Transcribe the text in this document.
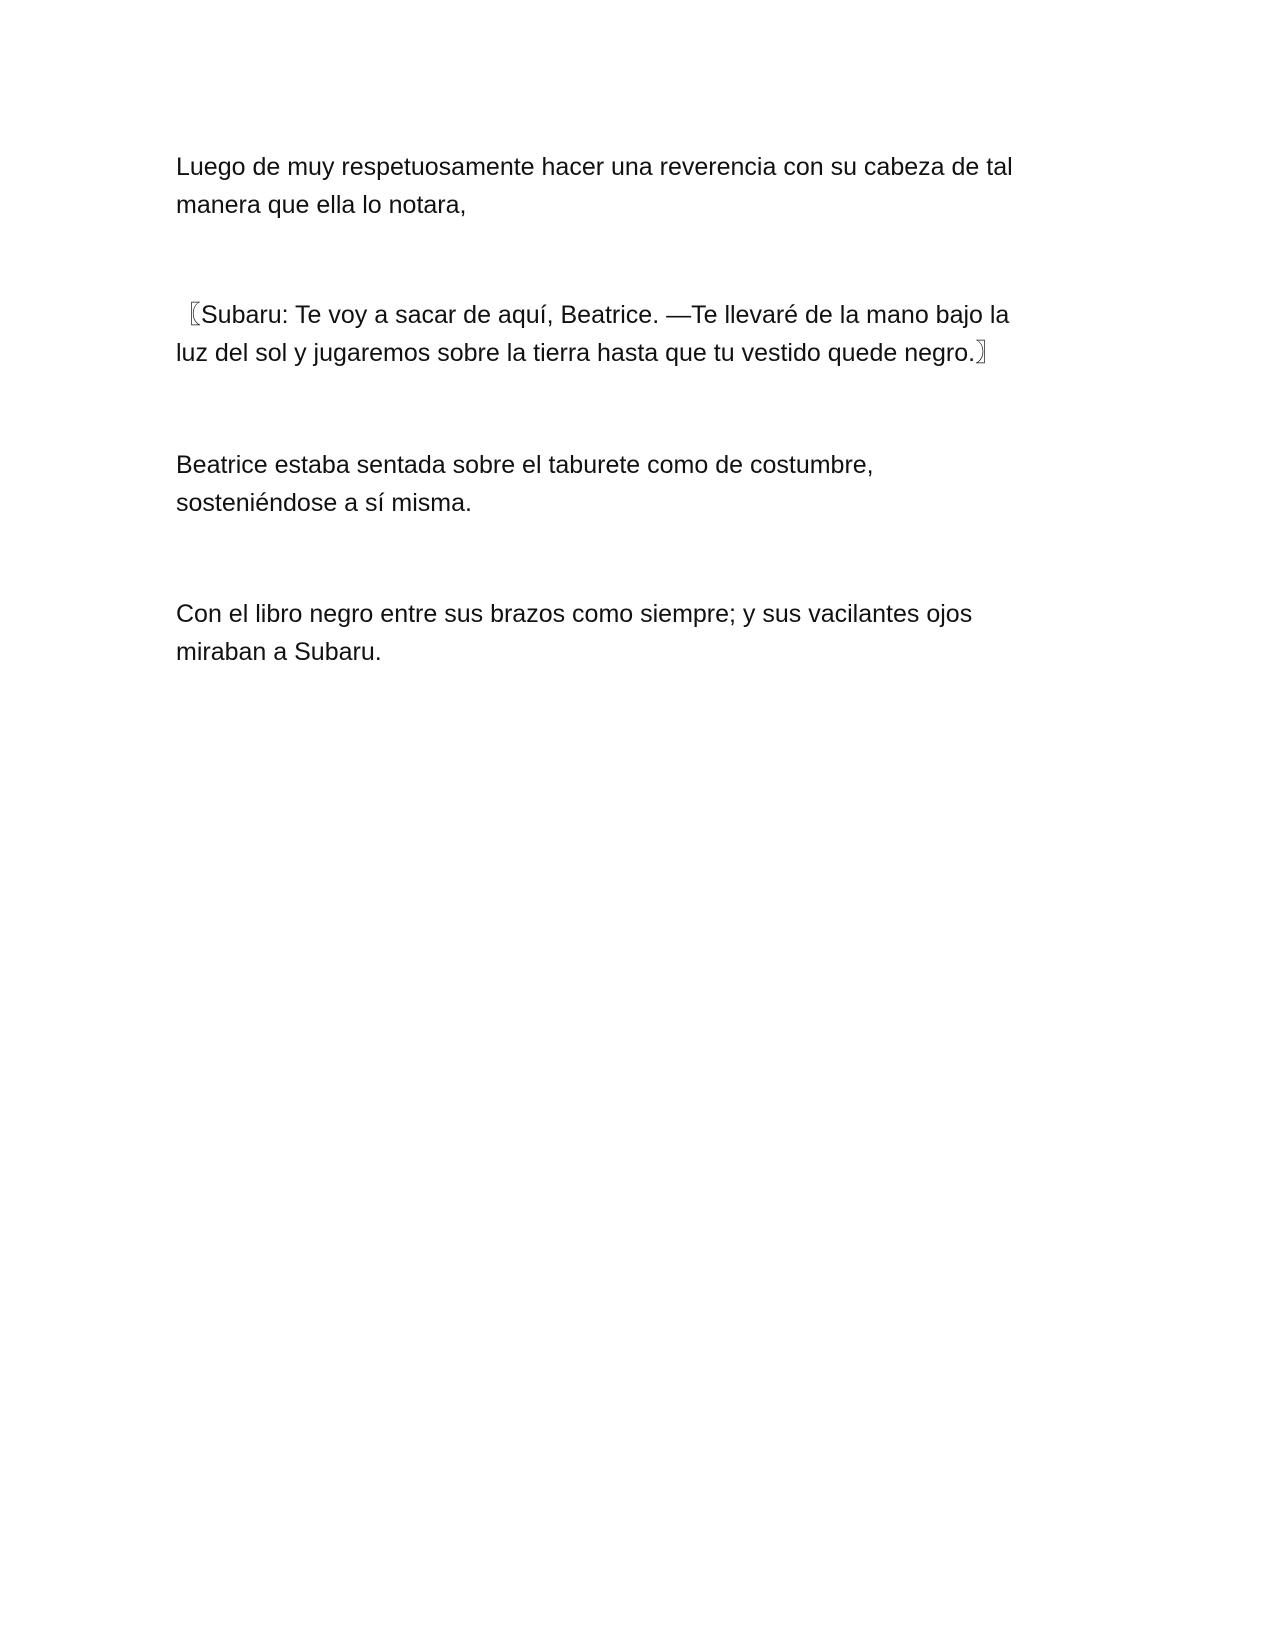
Luego de muy respetuosamente hacer una reverencia con su cabeza de tal
manera que ella lo notara,
〖Subaru: Te voy a sacar de aquí, Beatrice. —Te llevaré de la mano bajo la
luz del sol y jugaremos sobre la tierra hasta que tu vestido quede negro.〗
Beatrice estaba sentada sobre el taburete como de costumbre,
sosteniéndose a sí misma.
Con el libro negro entre sus brazos como siempre; y sus vacilantes ojos
miraban a Subaru.
